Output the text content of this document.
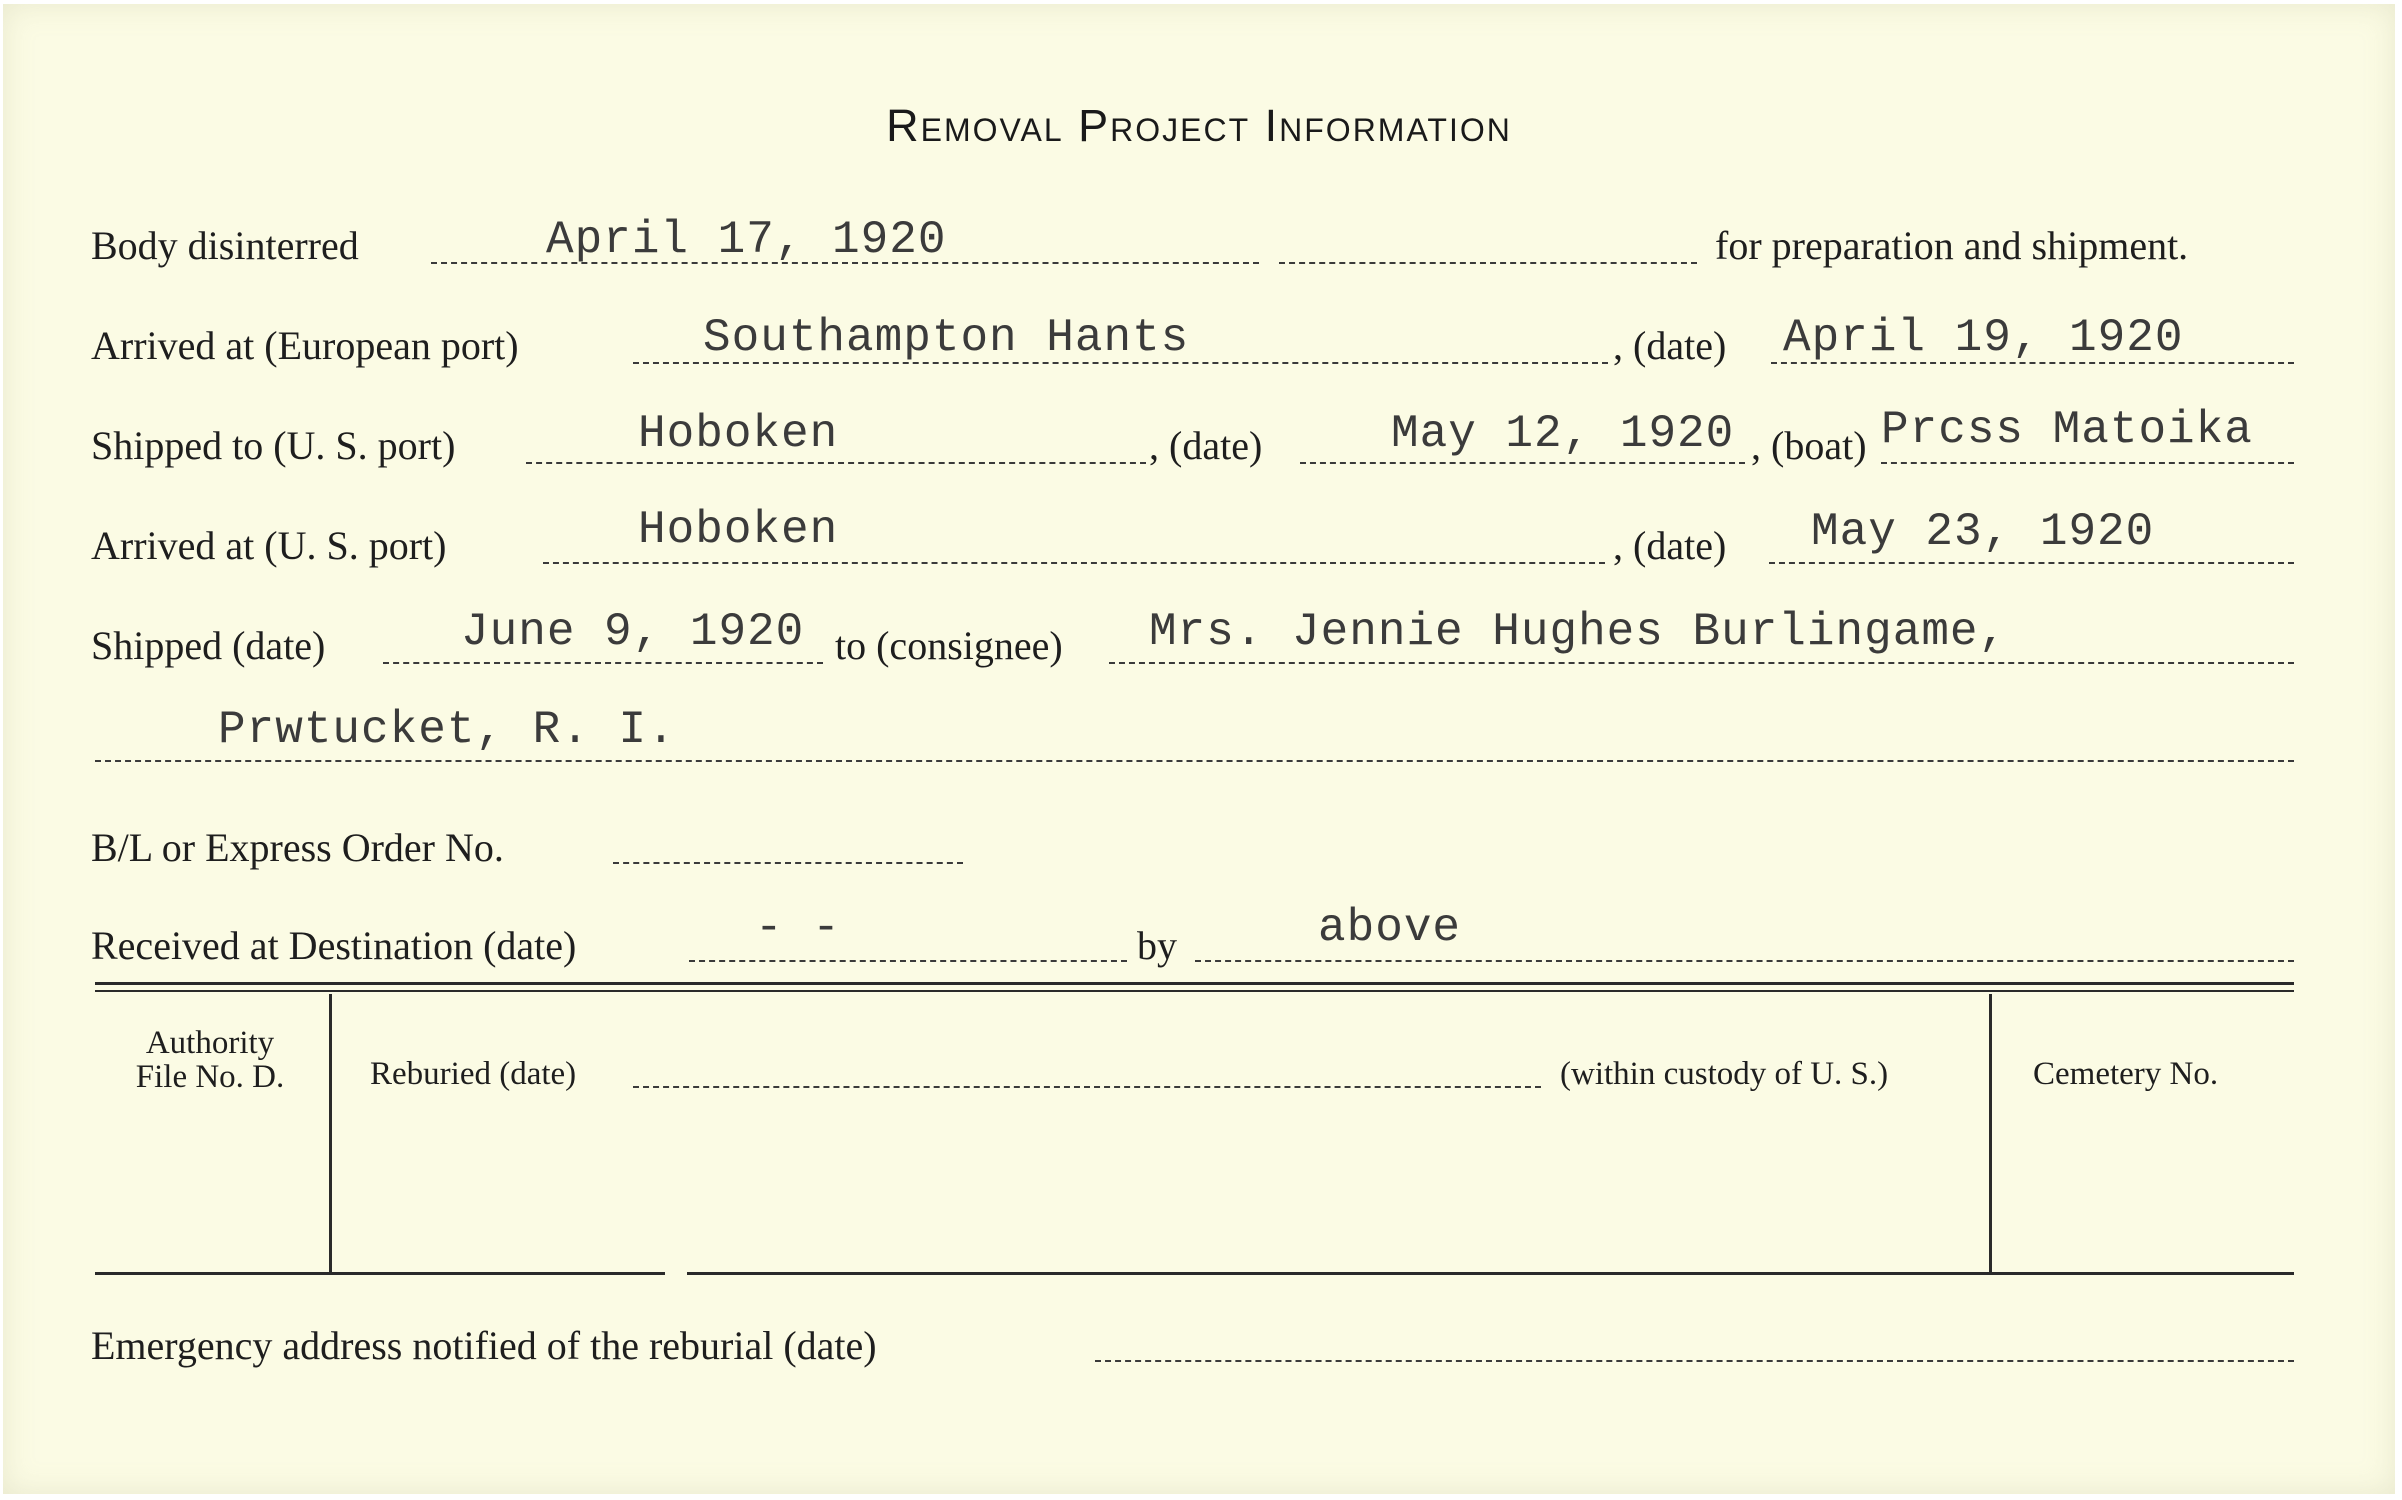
Removal Project Information
Body disinterred	April 17, 1920	for preparation and shipment.
Arrived at (European port)	Southampton Hants	, (date) April 19, 1920
Shipped to (U. S. port)	Hoboken	, (date)	May 12, 1920 , (boat) Prcss Matoika
Arrived at (U. S. port)	Hoboken	, (date) May 23, 1920
Shipped (date)	June 9, 1920 to (consignee) Mrs. Jennie Hughes Burlingame,
Prwtucket, R. I.
B/L or Express Order No.
Received at Destination (date)	- -	by	above
Authority
File No. D.	Reburied (date)	(within custody of U. S.)	Cemetery No.
Emergency address notified of the reburial (date)
